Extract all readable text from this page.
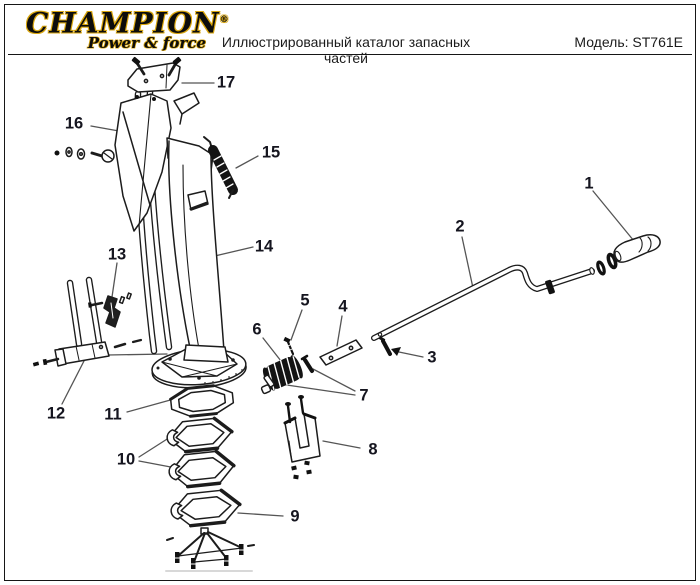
CHAMPION®
Power & force	Иллюстрированный каталог запасных частей
Модель: ST761E
1
2
3
4
5
6
7
8
9
10
11
12
13	14
15
16
17
